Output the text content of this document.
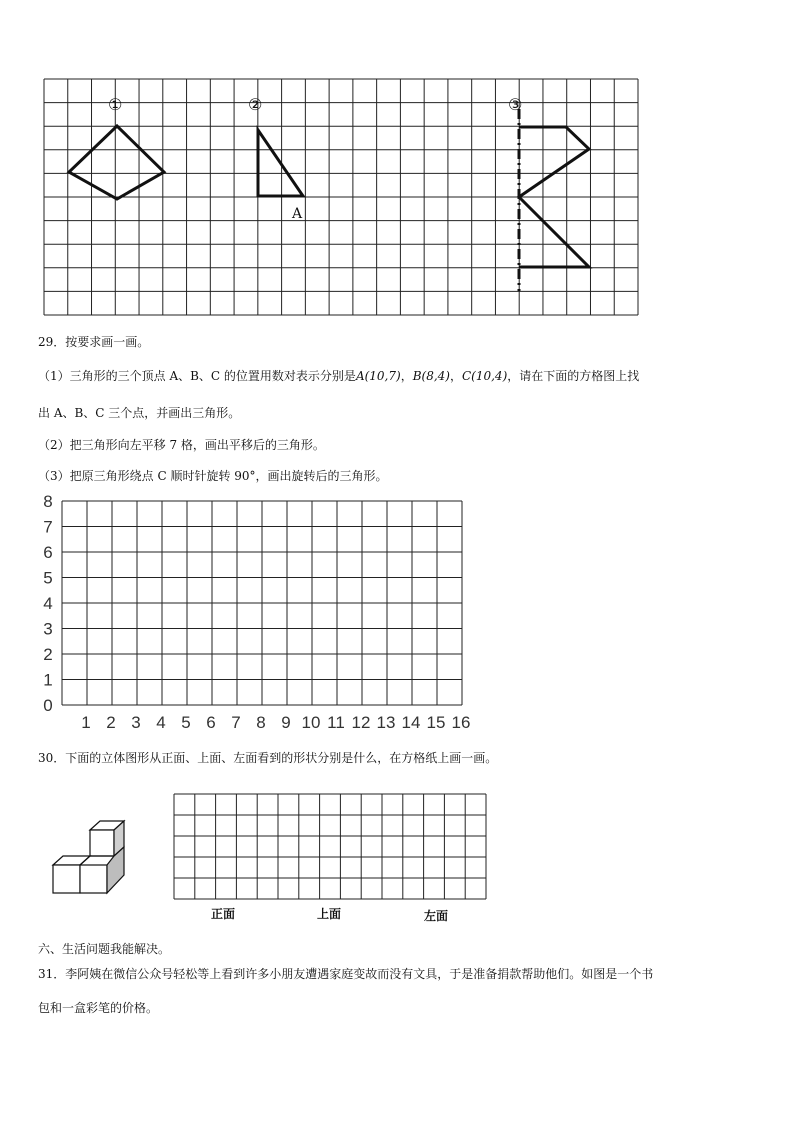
①	②	③
A
29．按要求画一画。
（1）三角形的三个顶点 A、B、C 的位置用数对表示分别是A(10,7)，B(8,4)，C(10,4)，请在下面的方格图上找
出 A、B、C 三个点，并画出三角形。
（2）把三角形向左平移 7 格，画出平移后的三角形。
（3）把原三角形绕点 C 顺时针旋转 90°，画出旋转后的三角形。
0
1
2
3
4
5
6
7
8
1 2 3 4 5 6 7 8 9 10 11 12 13 14 15 16
30．下面的立体图形从正面、上面、左面看到的形状分别是什么，在方格纸上画一画。
正面	上面	左面
六、生活问题我能解决。
31．李阿姨在微信公众号轻松等上看到许多小朋友遭遇家庭变故而没有文具，于是准备捐款帮助他们。如图是一个书
包和一盒彩笔的价格。
